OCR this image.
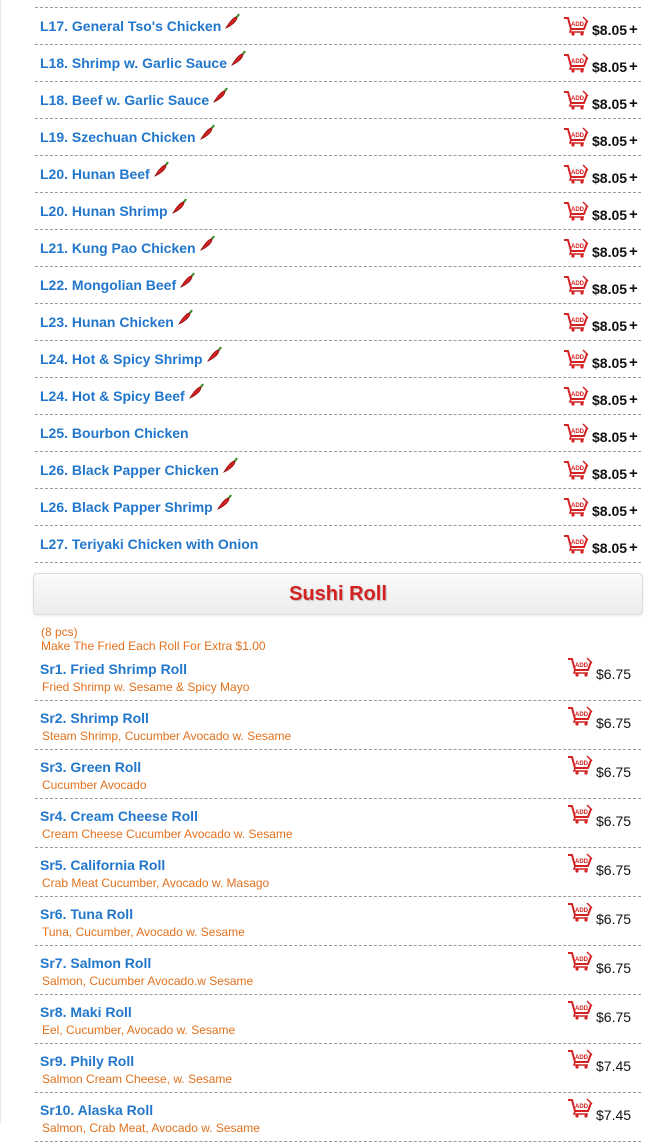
L17. General Tso's Chicken	ADD $8.05 +
L18. Shrimp w. Garlic Sauce	ADD $8.05 +
L18. Beef w. Garlic Sauce	ADD $8.05 +
L19. Szechuan Chicken	ADD $8.05 +
L20. Hunan Beef	ADD $8.05 +
L20. Hunan Shrimp	ADD $8.05 +
L21. Kung Pao Chicken	ADD $8.05 +
L22. Mongolian Beef	ADD $8.05 +
L23. Hunan Chicken	ADD $8.05 +
L24. Hot & Spicy Shrimp	ADD $8.05 +
L24. Hot & Spicy Beef	ADD $8.05 +
L25. Bourbon Chicken	ADD $8.05 +
L26. Black Papper Chicken	ADD $8.05 +
L26. Black Papper Shrimp	ADD $8.05 +
L27. Teriyaki Chicken with Onion	ADD $8.05 +
Sushi Roll
(8 pcs)
Make The Fried Each Roll For Extra $1.00
Sr1. Fried Shrimp Roll
Fried Shrimp w. Sesame & Spicy Mayo
ADD $6.75
Sr2. Shrimp Roll
Steam Shrimp, Cucumber Avocado w. Sesame
ADD $6.75
Sr3. Green Roll
Cucumber Avocado
ADD $6.75
Sr4. Cream Cheese Roll
Cream Cheese Cucumber Avocado w. Sesame
ADD $6.75
Sr5. California Roll
Crab Meat Cucumber, Avocado w. Masago
ADD $6.75
Sr6. Tuna Roll
Tuna, Cucumber, Avocado w. Sesame
ADD $6.75
Sr7. Salmon Roll
Salmon, Cucumber Avocado.w Sesame
ADD $6.75
Sr8. Maki Roll
Eel, Cucumber, Avocado w. Sesame
ADD $6.75
Sr9. Phily Roll
Salmon Cream Cheese, w. Sesame
ADD $7.45
Sr10. Alaska Roll
Salmon, Crab Meat, Avocado w. Sesame
ADD $7.45
